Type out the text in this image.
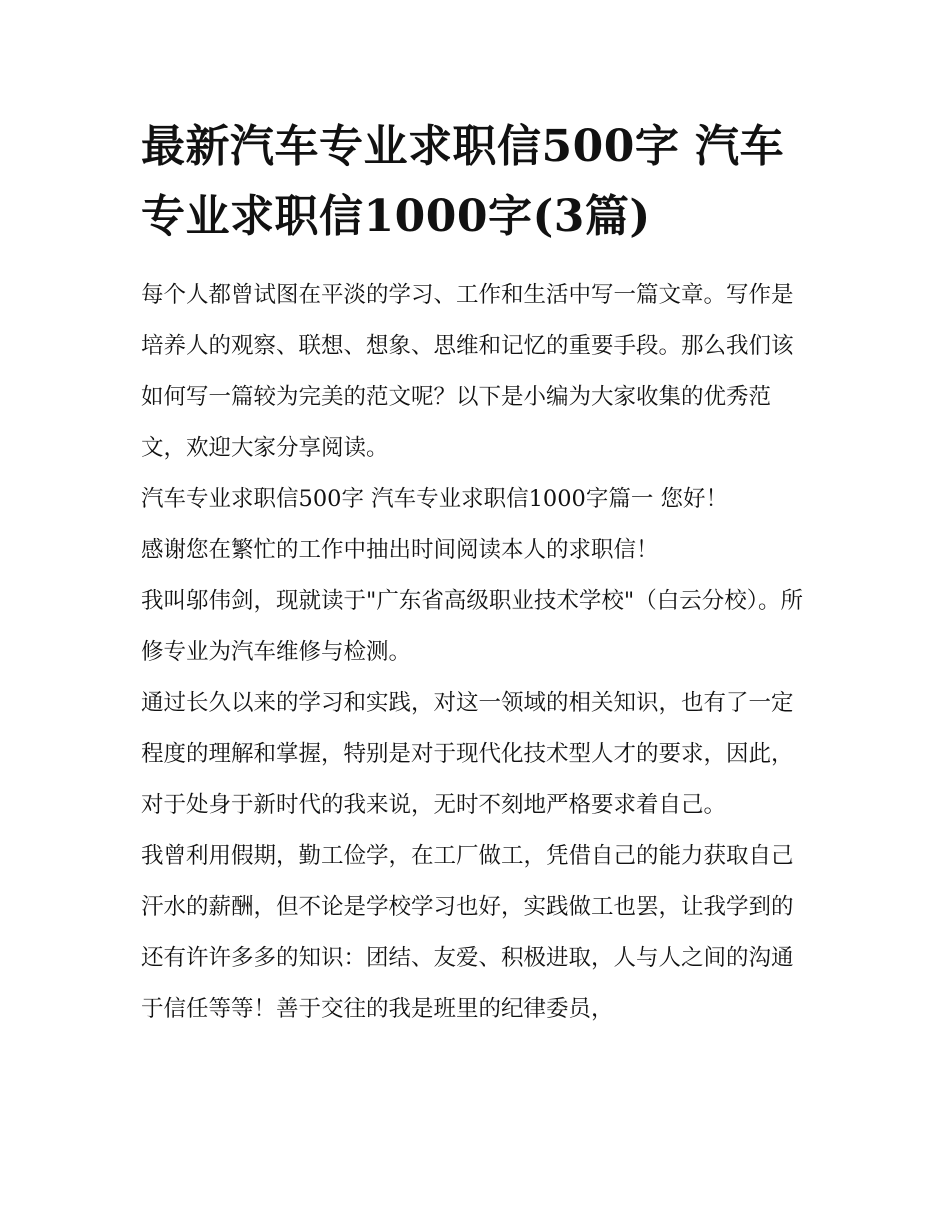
最新汽车专业求职信500字 汽车专业求职信1000字(3篇)

每个人都曾试图在平淡的学习、工作和生活中写一篇文章。写作是培养人的观察、联想、想象、思维和记忆的重要手段。那么我们该如何写一篇较为完美的范文呢？以下是小编为大家收集的优秀范文，欢迎大家分享阅读。

汽车专业求职信500字 汽车专业求职信1000字篇一 您好！

感谢您在繁忙的工作中抽出时间阅读本人的求职信！

我叫邬伟剑，现就读于"广东省高级职业技术学校"（白云分校）。所修专业为汽车维修与检测。

通过长久以来的学习和实践，对这一领域的相关知识，也有了一定程度的理解和掌握，特别是对于现代化技术型人才的要求，因此，对于处身于新时代的我来说，无时不刻地严格要求着自己。

我曾利用假期，勤工俭学，在工厂做工，凭借自己的能力获取自己汗水的薪酬，但不论是学校学习也好，实践做工也罢，让我学到的还有许许多多的知识：团结、友爱、积极进取，人与人之间的沟通于信任等等！善于交往的我是班里的纪律委员，
